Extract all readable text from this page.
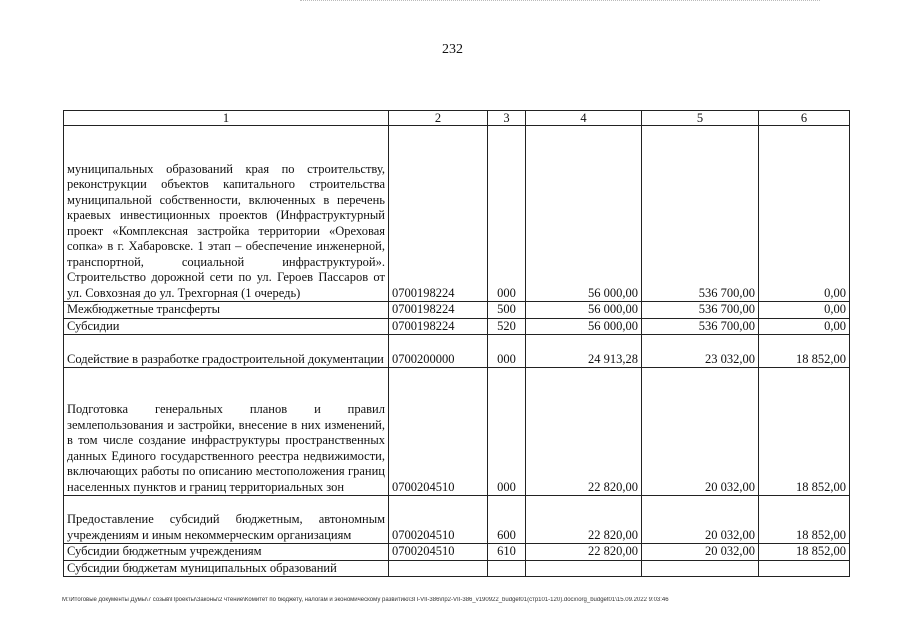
232
1	2	3	4	5	6
муниципальных образований края по строительству, реконструкции объектов капитального строительства муниципальной собственности, включенных в перечень краевых инвестиционных проектов (Инфраструктурный проект «Комплексная застройка территории «Ореховая сопка» в г. Хабаровске. 1 этап – обеспечение инженерной, транспортной, социальной инфраструктурой». Строительство дорожной сети по ул. Героев Пассаров от ул. Совхозная до ул. Трехгорная (1 очередь)	0700198224	000	56 000,00	536 700,00	0,00
Межбюджетные трансферты	0700198224	500	56 000,00	536 700,00	0,00
Субсидии	0700198224	520	56 000,00	536 700,00	0,00
Содействие в разработке градостроительной документации	0700200000	000	24 913,28	23 032,00	18 852,00
Подготовка генеральных планов и правил землепользования и застройки, внесение в них изменений, в том числе создание инфраструктуры пространственных данных Единого государственного реестра недвижимости, включающих работы по описанию местоположения границ населенных пунктов и границ территориальных зон	0700204510	000	22 820,00	20 032,00	18 852,00
Предоставление субсидий бюджетным, автономным учреждениям и иным некоммерческим организациям	0700204510	600	22 820,00	20 032,00	18 852,00
Субсидии бюджетным учреждениям	0700204510	610	22 820,00	20 032,00	18 852,00
Субсидии бюджетам муниципальных образований					
M:\Итоговые документы Думы\7 созыв\Проекты\Законы\2 чтение\Комитет по бюджету, налогам и экономическому развитию\ЗП-VII-386\пр2-VII-386_v190922_budget01(стр101-120).docx\org_budget01\15.09.2022 9:03:46
